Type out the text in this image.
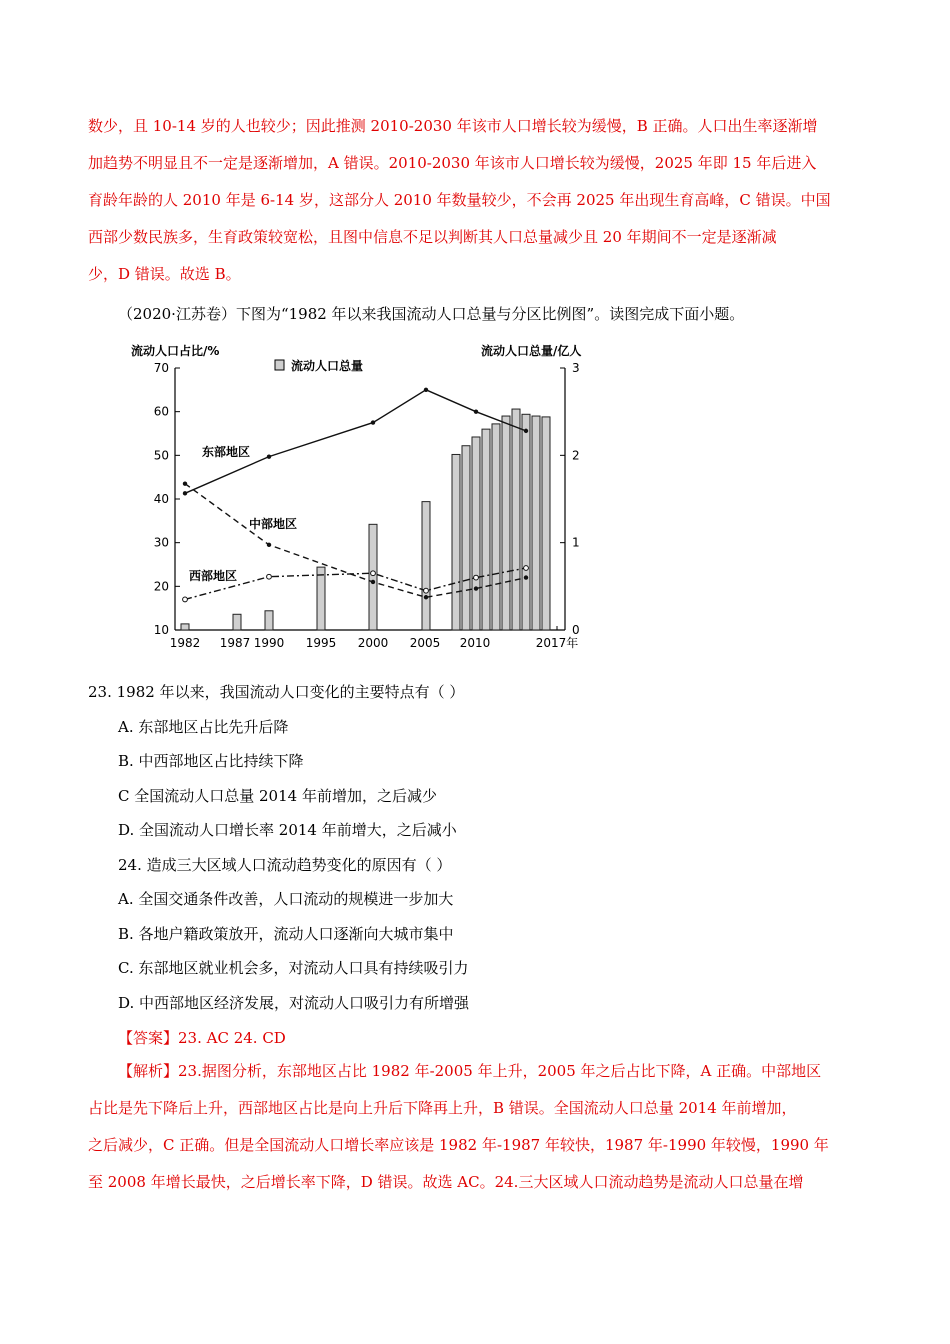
数少，且 10-14 岁的人也较少；因此推测 2010-2030 年该市人口增长较为缓慢，B 正确。人口出生率逐渐增
加趋势不明显且不一定是逐渐增加，A 错误。2010-2030 年该市人口增长较为缓慢，2025 年即 15 年后进入
育龄年龄的人 2010 年是 6-14 岁，这部分人 2010 年数量较少，不会再 2025 年出现生育高峰，C 错误。中国
西部少数民族多，生育政策较宽松，且图中信息不足以判断其人口总量减少且 20 年期间不一定是逐渐减
少，D 错误。故选 B。
（2020·江苏卷）下图为“1982 年以来我国流动人口总量与分区比例图”。读图完成下面小题。
70
60
50
40
30
20
10
3
2
1
0
1982 1987 1990 1995 2000 2005 2010	2017年
流动人口占比/%	流动人口总量/亿人
流动人口总量
东部地区
中部地区
西部地区
23. 1982 年以来，我国流动人口变化的主要特点有（ ）
A. 东部地区占比先升后降
B. 中西部地区占比持续下降
C 全国流动人口总量 2014 年前增加，之后减少
D. 全国流动人口增长率 2014 年前增大，之后减小
24. 造成三大区域人口流动趋势变化的原因有（ ）
A. 全国交通条件改善，人口流动的规模进一步加大
B. 各地户籍政策放开，流动人口逐渐向大城市集中
C. 东部地区就业机会多，对流动人口具有持续吸引力
D. 中西部地区经济发展，对流动人口吸引力有所增强
【答案】23. AC 24. CD
【解析】23.据图分析，东部地区占比 1982 年-2005 年上升，2005 年之后占比下降，A 正确。中部地区
占比是先下降后上升，西部地区占比是向上升后下降再上升，B 错误。全国流动人口总量 2014 年前增加，
之后减少，C 正确。但是全国流动人口增长率应该是 1982 年-1987 年较快，1987 年-1990 年较慢，1990 年
至 2008 年增长最快，之后增长率下降，D 错误。故选 AC。24.三大区域人口流动趋势是流动人口总量在增
